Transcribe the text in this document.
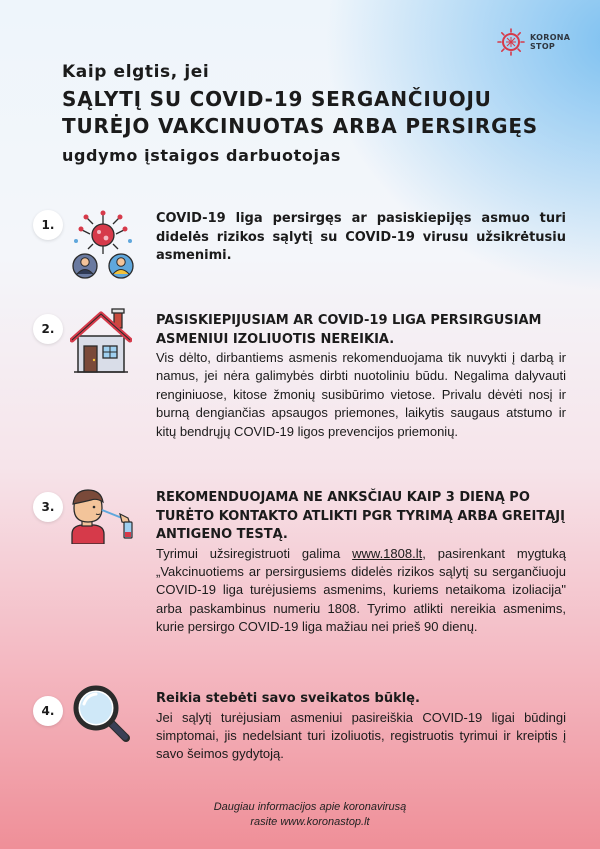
KORONA
STOP

Kaip elgtis, jei

SĄLYTĮ SU COVID-19 SERGANČIUOJU

TURĖJO VAKCINUOTAS ARBA PERSIRGĘS

ugdymo įstaigos darbuotojas

1.	COVID-19 liga persirgęs ar pasiskiepijęs asmuo turi didelės rizikos sąlytį su COVID-19 virusu užsikrėtusiu asmenimi.

2.

PASISKIEPIJUSIAM AR COVID-19 LIGA PERSIRGUSIAM ASMENIUI IZOLIUOTIS NEREIKIA.

Vis dėlto, dirbantiems asmenis rekomenduojama tik nuvykti į darbą ir namus, jei nėra galimybės dirbti nuotoliniu būdu. Negalima dalyvauti renginiuose, kitose žmonių susibūrimo vietose. Privalu dėvėti nosį ir burną dengiančias apsaugos priemones, laikytis saugaus atstumo ir kitų bendrųjų COVID-19 ligos prevencijos priemonių.

3.

REKOMENDUOJAMA NE ANKSČIAU KAIP 3 DIENĄ PO TURĖTO KONTAKTO ATLIKTI PGR TYRIMĄ ARBA GREITĄJĮ ANTIGENO TESTĄ.

Tyrimui užsiregistruoti galima www.1808.lt, pasirenkant mygtuką „Vakcinuotiems ar persirgusiems didelės rizikos sąlytį su sergančiuoju COVID-19 liga turėjusiems asmenims, kuriems netaikoma izoliacija" arba paskambinus numeriu 1808. Tyrimo atlikti nereikia asmenims, kurie persirgo COVID-19 liga mažiau nei prieš 90 dienų.

4.

Reikia stebėti savo sveikatos būklę.

Jei sąlytį turėjusiam asmeniui pasireiškia COVID-19 ligai būdingi simptomai, jis nedelsiant turi izoliuotis, registruotis tyrimui ir kreiptis į savo šeimos gydytoją.

Daugiau informacijos apie koronavirusą
rasite www.koronastop.lt
